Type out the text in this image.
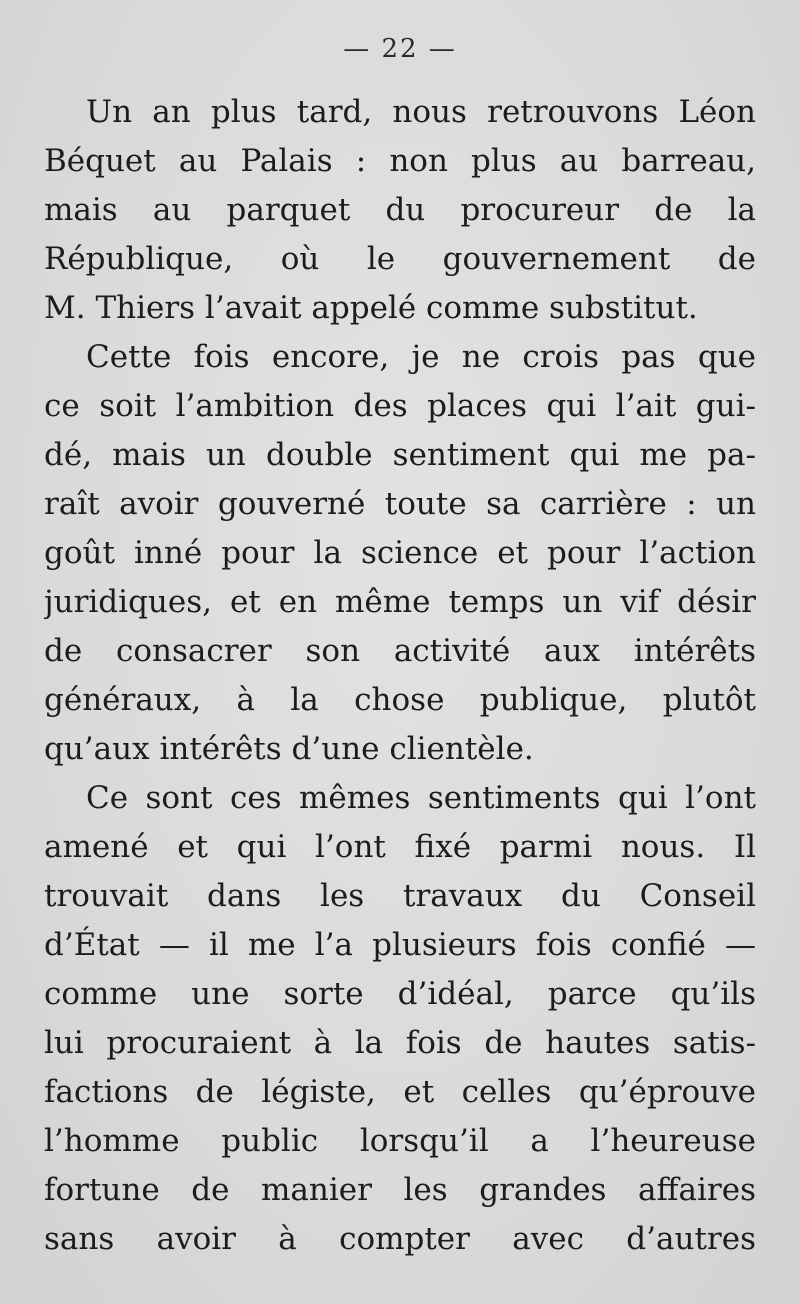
— 22 —
Un an plus tard, nous retrouvons Léon
Béquet au Palais : non plus au barreau,
mais au parquet du procureur de la
République, où le gouvernement de
M. Thiers l’avait appelé comme substitut.
Cette fois encore, je ne crois pas que
ce soit l’ambition des places qui l’ait gui-
dé, mais un double sentiment qui me pa-
raît avoir gouverné toute sa carrière : un
goût inné pour la science et pour l’action
juridiques, et en même temps un vif désir
de consacrer son activité aux intérêts
généraux, à la chose publique, plutôt
qu’aux intérêts d’une clientèle.
Ce sont ces mêmes sentiments qui l’ont
amené et qui l’ont fixé parmi nous. Il
trouvait dans les travaux du Conseil
d’État — il me l’a plusieurs fois confié —
comme une sorte d’idéal, parce qu’ils
lui procuraient à la fois de hautes satis-
factions de légiste, et celles qu’éprouve
l’homme public lorsqu’il a l’heureuse
fortune de manier les grandes affaires
sans avoir à compter avec d’autres
